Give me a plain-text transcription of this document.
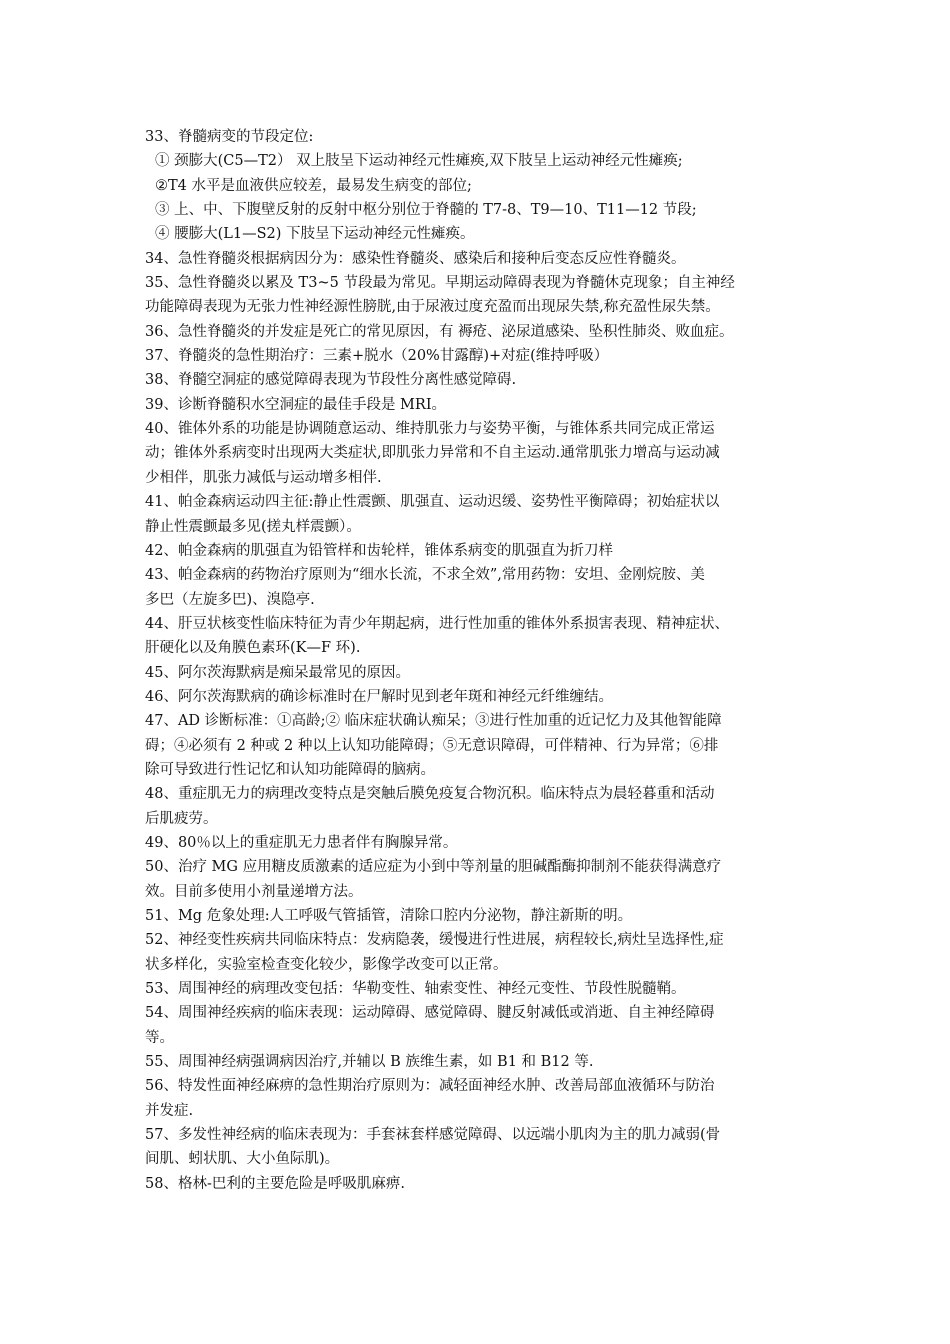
33、脊髓病变的节段定位:
① 颈膨大(C5—T2） 双上肢呈下运动神经元性瘫痪,双下肢呈上运动神经元性瘫痪;
②T4 水平是血液供应较差，最易发生病变的部位;
③ 上、中、下腹壁反射的反射中枢分别位于脊髓的 T7-8、T9—10、T11—12 节段;
④ 腰膨大(L1—S2) 下肢呈下运动神经元性瘫痪。
34、急性脊髓炎根据病因分为：感染性脊髓炎、感染后和接种后变态反应性脊髓炎。
35、急性脊髓炎以累及 T3~5 节段最为常见。早期运动障碍表现为脊髓休克现象；自主神经
功能障碍表现为无张力性神经源性膀胱,由于尿液过度充盈而出现尿失禁,称充盈性尿失禁。
36、急性脊髓炎的并发症是死亡的常见原因，有 褥疮、泌尿道感染、坠积性肺炎、败血症。
37、脊髓炎的急性期治疗：三素+脱水（20%甘露醇)+对症(维持呼吸）
38、脊髓空洞症的感觉障碍表现为节段性分离性感觉障碍.
39、诊断脊髓积水空洞症的最佳手段是 MRI。
40、锥体外系的功能是协调随意运动、维持肌张力与姿势平衡，与锥体系共同完成正常运
动；锥体外系病变时出现两大类症状,即肌张力异常和不自主运动.通常肌张力增高与运动减
少相伴，肌张力减低与运动增多相伴.
41、帕金森病运动四主征:静止性震颤、肌强直、运动迟缓、姿势性平衡障碍；初始症状以
静止性震颤最多见(搓丸样震颤）。
42、帕金森病的肌强直为铅管样和齿轮样，锥体系病变的肌强直为折刀样
43、帕金森病的药物治疗原则为“细水长流，不求全效”,常用药物：安坦、金刚烷胺、美
多巴（左旋多巴)、溴隐亭.
44、肝豆状核变性临床特征为青少年期起病，进行性加重的锥体外系损害表现、精神症状、
肝硬化以及角膜色素环(K—F 环).
45、阿尔茨海默病是痴呆最常见的原因。
46、阿尔茨海默病的确诊标准时在尸解时见到老年斑和神经元纤维缠结。
47、AD 诊断标准：①高龄;② 临床症状确认痴呆；③进行性加重的近记忆力及其他智能障
碍；④必须有 2 种或 2 种以上认知功能障碍；⑤无意识障碍，可伴精神、行为异常；⑥排
除可导致进行性记忆和认知功能障碍的脑病。
48、重症肌无力的病理改变特点是突触后膜免疫复合物沉积。临床特点为晨轻暮重和活动
后肌疲劳。
49、80％以上的重症肌无力患者伴有胸腺异常。
50、治疗 MG 应用糖皮质激素的适应症为小到中等剂量的胆碱酯酶抑制剂不能获得满意疗
效。目前多使用小剂量递增方法。
51、Mg 危象处理:人工呼吸气管插管，清除口腔内分泌物，静注新斯的明。
52、神经变性疾病共同临床特点：发病隐袭，缓慢进行性进展，病程较长,病灶呈选择性,症
状多样化，实验室检查变化较少，影像学改变可以正常。
53、周围神经的病理改变包括：华勒变性、轴索变性、神经元变性、节段性脱髓鞘。
54、周围神经疾病的临床表现：运动障碍、感觉障碍、腱反射减低或消逝、自主神经障碍
等。
55、周围神经病强调病因治疗,并辅以 B 族维生素，如 B1 和 B12 等.
56、特发性面神经麻痹的急性期治疗原则为：减轻面神经水肿、改善局部血液循环与防治
并发症.
57、多发性神经病的临床表现为：手套袜套样感觉障碍、以远端小肌肉为主的肌力减弱(骨
间肌、蚓状肌、大小鱼际肌)。
58、格林-巴利的主要危险是呼吸肌麻痹.
